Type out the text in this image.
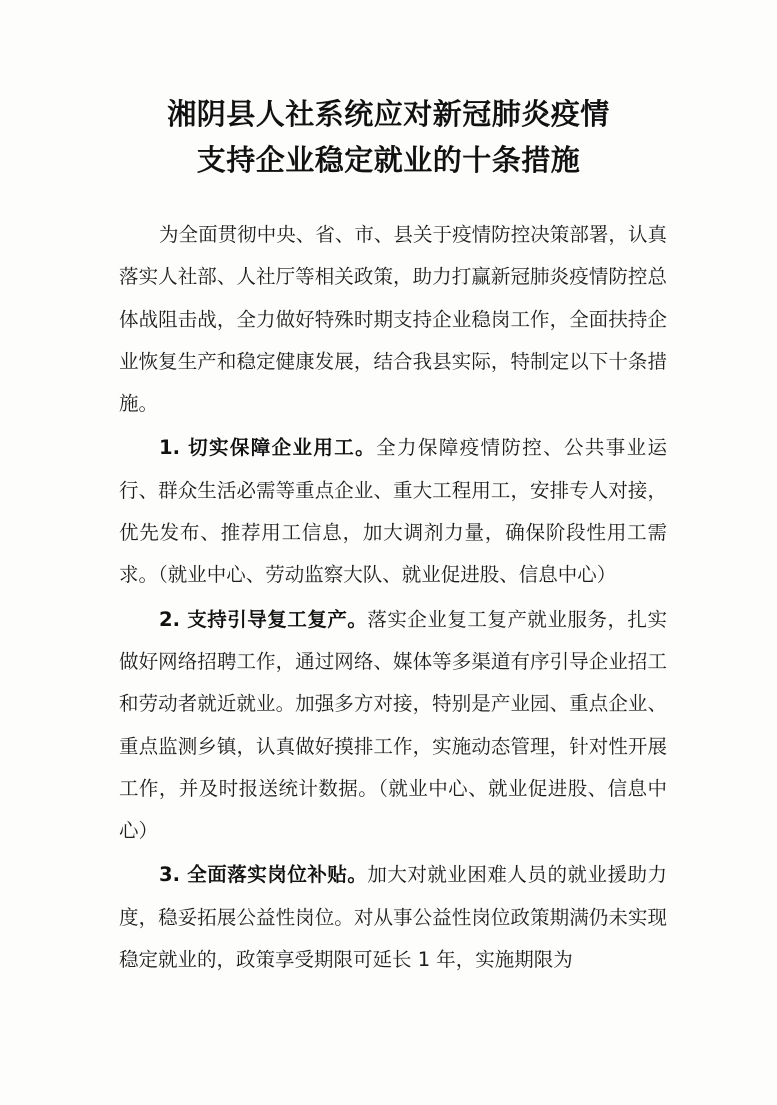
湘阴县人社系统应对新冠肺炎疫情
支持企业稳定就业的十条措施

为全面贯彻中央、省、市、县关于疫情防控决策部署，认真落实人社部、人社厅等相关政策，助力打赢新冠肺炎疫情防控总体战阻击战，全力做好特殊时期支持企业稳岗工作，全面扶持企业恢复生产和稳定健康发展，结合我县实际，特制定以下十条措施。

1. 切实保障企业用工。全力保障疫情防控、公共事业运行、群众生活必需等重点企业、重大工程用工，安排专人对接，优先发布、推荐用工信息，加大调剂力量，确保阶段性用工需求。（就业中心、劳动监察大队、就业促进股、信息中心）

2. 支持引导复工复产。落实企业复工复产就业服务，扎实做好网络招聘工作，通过网络、媒体等多渠道有序引导企业招工和劳动者就近就业。加强多方对接，特别是产业园、重点企业、重点监测乡镇，认真做好摸排工作，实施动态管理，针对性开展工作，并及时报送统计数据。（就业中心、就业促进股、信息中心）

3. 全面落实岗位补贴。加大对就业困难人员的就业援助力度，稳妥拓展公益性岗位。对从事公益性岗位政策期满仍未实现稳定就业的，政策享受期限可延长 1 年，实施期限为
